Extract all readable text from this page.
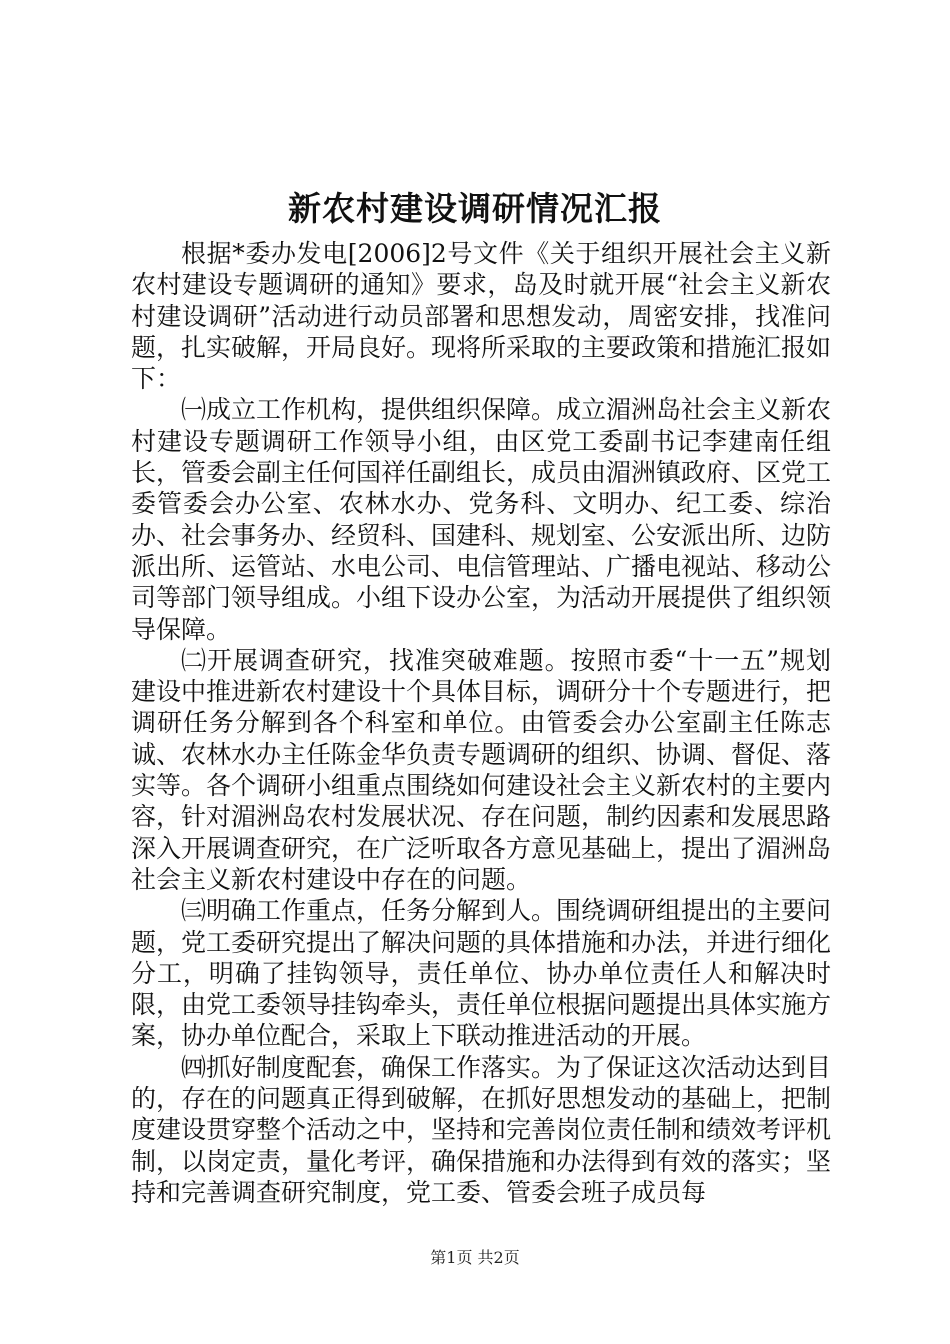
新农村建设调研情况汇报

根据*委办发电[2006]2号文件《关于组织开展社会主义新农村建设专题调研的通知》要求，岛及时就开展“社会主义新农村建设调研”活动进行动员部署和思想发动，周密安排，找准问题，扎实破解，开局良好。现将所采取的主要政策和措施汇报如下：

㈠成立工作机构，提供组织保障。成立湄洲岛社会主义新农村建设专题调研工作领导小组，由区党工委副书记李建南任组长，管委会副主任何国祥任副组长，成员由湄洲镇政府、区党工委管委会办公室、农林水办、党务科、文明办、纪工委、综治办、社会事务办、经贸科、国建科、规划室、公安派出所、边防派出所、运管站、水电公司、电信管理站、广播电视站、移动公司等部门领导组成。小组下设办公室，为活动开展提供了组织领导保障。

㈡开展调查研究，找准突破难题。按照市委“十一五”规划建设中推进新农村建设十个具体目标，调研分十个专题进行，把调研任务分解到各个科室和单位。由管委会办公室副主任陈志诚、农林水办主任陈金华负责专题调研的组织、协调、督促、落实等。各个调研小组重点围绕如何建设社会主义新农村的主要内容，针对湄洲岛农村发展状况、存在问题，制约因素和发展思路深入开展调查研究，在广泛听取各方意见基础上，提出了湄洲岛社会主义新农村建设中存在的问题。

㈢明确工作重点，任务分解到人。围绕调研组提出的主要问题，党工委研究提出了解决问题的具体措施和办法，并进行细化分工，明确了挂钩领导，责任单位、协办单位责任人和解决时限，由党工委领导挂钩牵头，责任单位根据问题提出具体实施方案，协办单位配合，采取上下联动推进活动的开展。

㈣抓好制度配套，确保工作落实。为了保证这次活动达到目的，存在的问题真正得到破解，在抓好思想发动的基础上，把制度建设贯穿整个活动之中，坚持和完善岗位责任制和绩效考评机制，以岗定责，量化考评，确保措施和办法得到有效的落实；坚持和完善调查研究制度，党工委、管委会班子成员每

第1页 共2页
